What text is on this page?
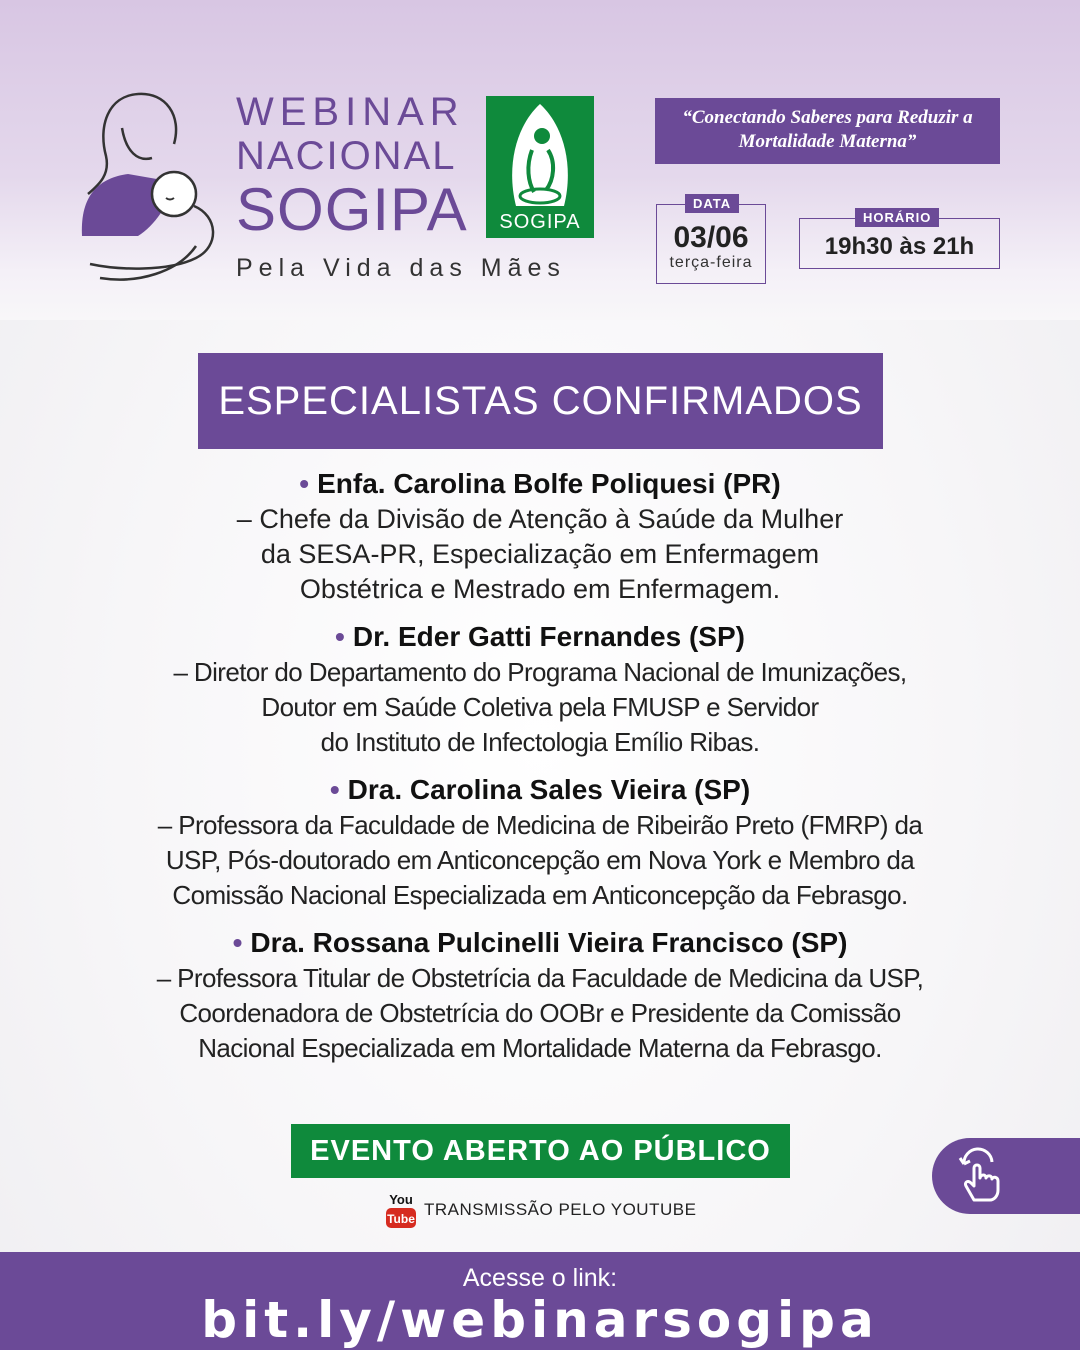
WEBINAR
NACIONAL
SOGIPA
Pela Vida das Mães
SOGIPA
“Conectando Saberes para Reduzir a Mortalidade Materna”
DATA
03/06
terça-feira
HORÁRIO
19h30 às 21h
ESPECIALISTAS CONFIRMADOS
• Enfa. Carolina Bolfe Poliquesi (PR)
– Chefe da Divisão de Atenção à Saúde da Mulher
da SESA-PR, Especialização em Enfermagem
Obstétrica e Mestrado em Enfermagem.
• Dr. Eder Gatti Fernandes (SP)
– Diretor do Departamento do Programa Nacional de Imunizações,
Doutor em Saúde Coletiva pela FMUSP e Servidor
do Instituto de Infectologia Emílio Ribas.
• Dra. Carolina Sales Vieira (SP)
– Professora da Faculdade de Medicina de Ribeirão Preto (FMRP) da
USP, Pós-doutorado em Anticoncepção em Nova York e Membro da
Comissão Nacional Especializada em Anticoncepção da Febrasgo.
• Dra. Rossana Pulcinelli Vieira Francisco (SP)
– Professora Titular de Obstetrícia da Faculdade de Medicina da USP,
Coordenadora de Obstetrícia do OOBr e Presidente da Comissão
Nacional Especializada em Mortalidade Materna da Febrasgo.
EVENTO ABERTO AO PÚBLICO
You
Tube TRANSMISSÃO PELO YOUTUBE
Acesse o link:
bit.ly/webinarsogipa
